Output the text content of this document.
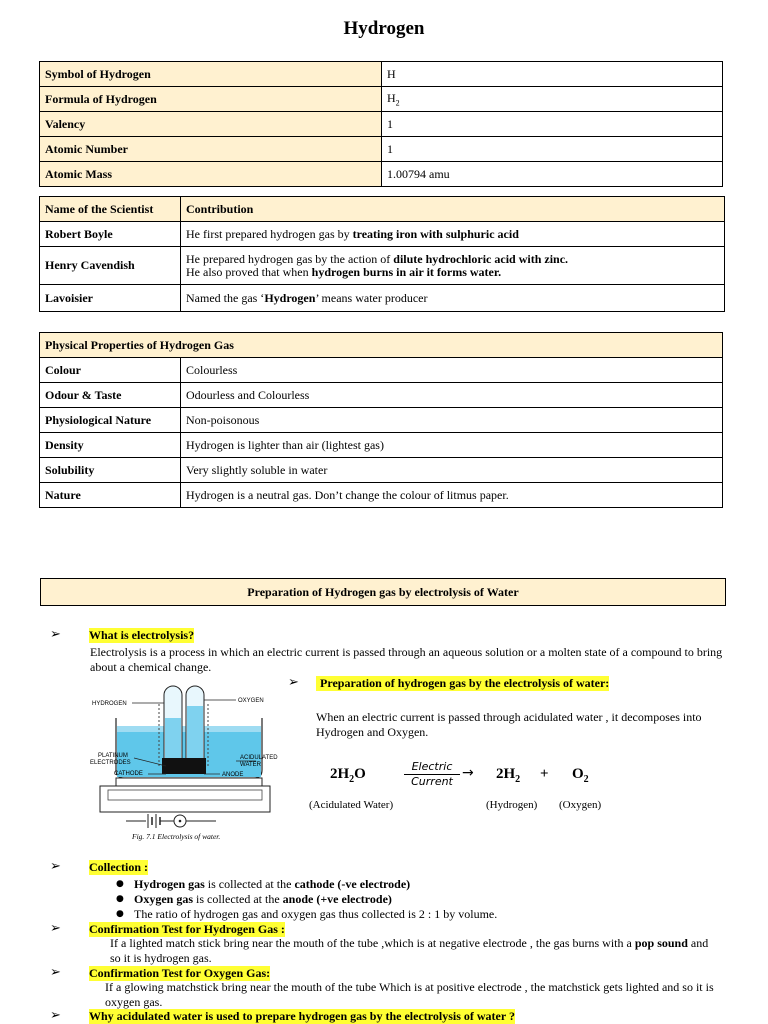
Hydrogen
Symbol of Hydrogen	H
Formula of Hydrogen	$H_2$
Valency	1
Atomic Number	1
Atomic Mass	1.00794 amu
Name of the Scientist	Contribution
Robert Boyle	He first prepared hydrogen gas by treating iron with sulphuric acid
Henry Cavendish	He prepared hydrogen gas by the action of dilute hydrochloric acid with zinc.
He also proved that when hydrogen burns in air it forms water.
Lavoisier	Named the gas ‘Hydrogen’ means water producer
Physical Properties of Hydrogen Gas	
Colour	Colourless
Odour & Taste	Odourless and Colourless
Physiological Nature	Non-poisonous
Density	Hydrogen is lighter than air (lightest gas)
Solubility	Very slightly soluble in water
Nature	Hydrogen is a neutral gas. Don’t change the colour of litmus paper.
Preparation of Hydrogen gas by electrolysis of Water
➢ What is electrolysis?
Electrolysis is a process in which an electric current is passed through an aqueous solution or a molten state of a compound to bring about a chemical change.
HYDROGEN	OXYGEN
PLATINUM
ELECTRODES
CATHODE
ACIDULATED
WATER
ANODE
Fig. 7.1 Electrolysis of water.
➢	Preparation of hydrogen gas by the electrolysis of water:
When an electric current is passed through acidulated water , it decomposes into Hydrogen and Oxygen.
$2H_2O$	Electric
Current
→ $2H_2 + O_2$
(Acidulated Water)	(Hydrogen) (Oxygen)
➢ Collection :
● Hydrogen gas is collected at the cathode (-ve electrode)
● Oxygen gas is collected at the anode (+ve electrode)
● The ratio of hydrogen gas and oxygen gas thus collected is 2 : 1 by volume.
➢ Confirmation Test for Hydrogen Gas :
If a lighted match stick bring near the mouth of the tube ,which is at negative electrode , the gas burns with a pop sound and
so it is hydrogen gas.
➢ Confirmation Test for Oxygen Gas:
If a glowing matchstick bring near the mouth of the tube Which is at positive electrode , the matchstick gets lighted and so it is
oxygen gas.
➢ Why acidulated water is used to prepare hydrogen gas by the electrolysis of water ?
